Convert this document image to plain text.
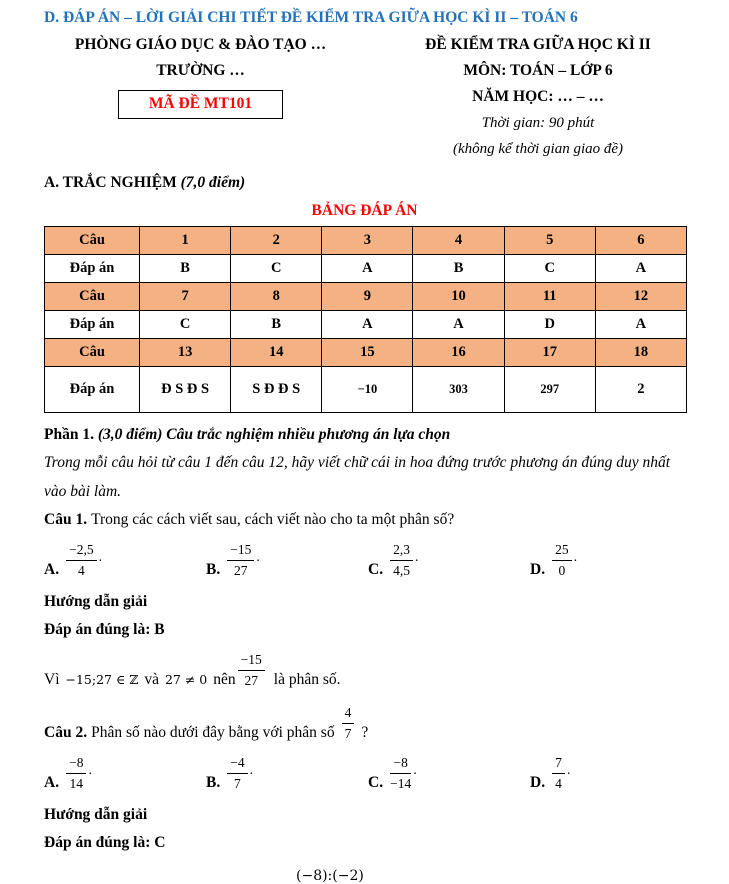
D. ĐÁP ÁN – LỜI GIẢI CHI TIẾT ĐỀ KIỂM TRA GIỮA HỌC KÌ II – TOÁN 6
PHÒNG GIÁO DỤC & ĐÀO TẠO …
TRƯỜNG …
MÃ ĐỀ MT101
ĐỀ KIỂM TRA GIỮA HỌC KÌ II
MÔN: TOÁN – LỚP 6
NĂM HỌC: … – …
Thời gian: 90 phút
(không kể thời gian giao đề)
A. TRẮC NGHIỆM (7,0 điểm)
BẢNG ĐÁP ÁN
Câu	1	2	3	4	5	6
Đáp án	B	C	A	B	C	A
Câu	7	8	9	10	11	12
Đáp án	C	B	A	A	D	A
Câu	13	14	15	16	17	18
Đáp án	Đ S Đ S	S Đ Đ S	−10	303	297	2
Phần 1. (3,0 điểm) Câu trắc nghiệm nhiều phương án lựa chọn
Trong mỗi câu hỏi từ câu 1 đến câu 12, hãy viết chữ cái in hoa đứng trước phương án đúng duy nhất vào bài làm.
Câu 1. Trong các cách viết sau, cách viết nào cho ta một phân số?
A. $\frac{-2,5}{4}$ .
B. $\frac{-15}{27}$ .
C. $\frac{2,3}{4,5}$ .
D. $\frac{25}{0}$ .
Hướng dẫn giải
Đáp án đúng là: B
Vì −15;27 ∈ ℤ và 27 ≠ 0 nên $\frac{-15}{27}$ là phân số.
Câu 2. Phân số nào dưới đây bằng với phân số $\frac{4}{7}$ ?
A. $\frac{-8}{14}$ .
B. $\frac{-4}{7}$ .
C. $\frac{-8}{-14}$ .
D. $\frac{7}{4}$ .
Hướng dẫn giải
Đáp án đúng là: C
(−8):(−2)
